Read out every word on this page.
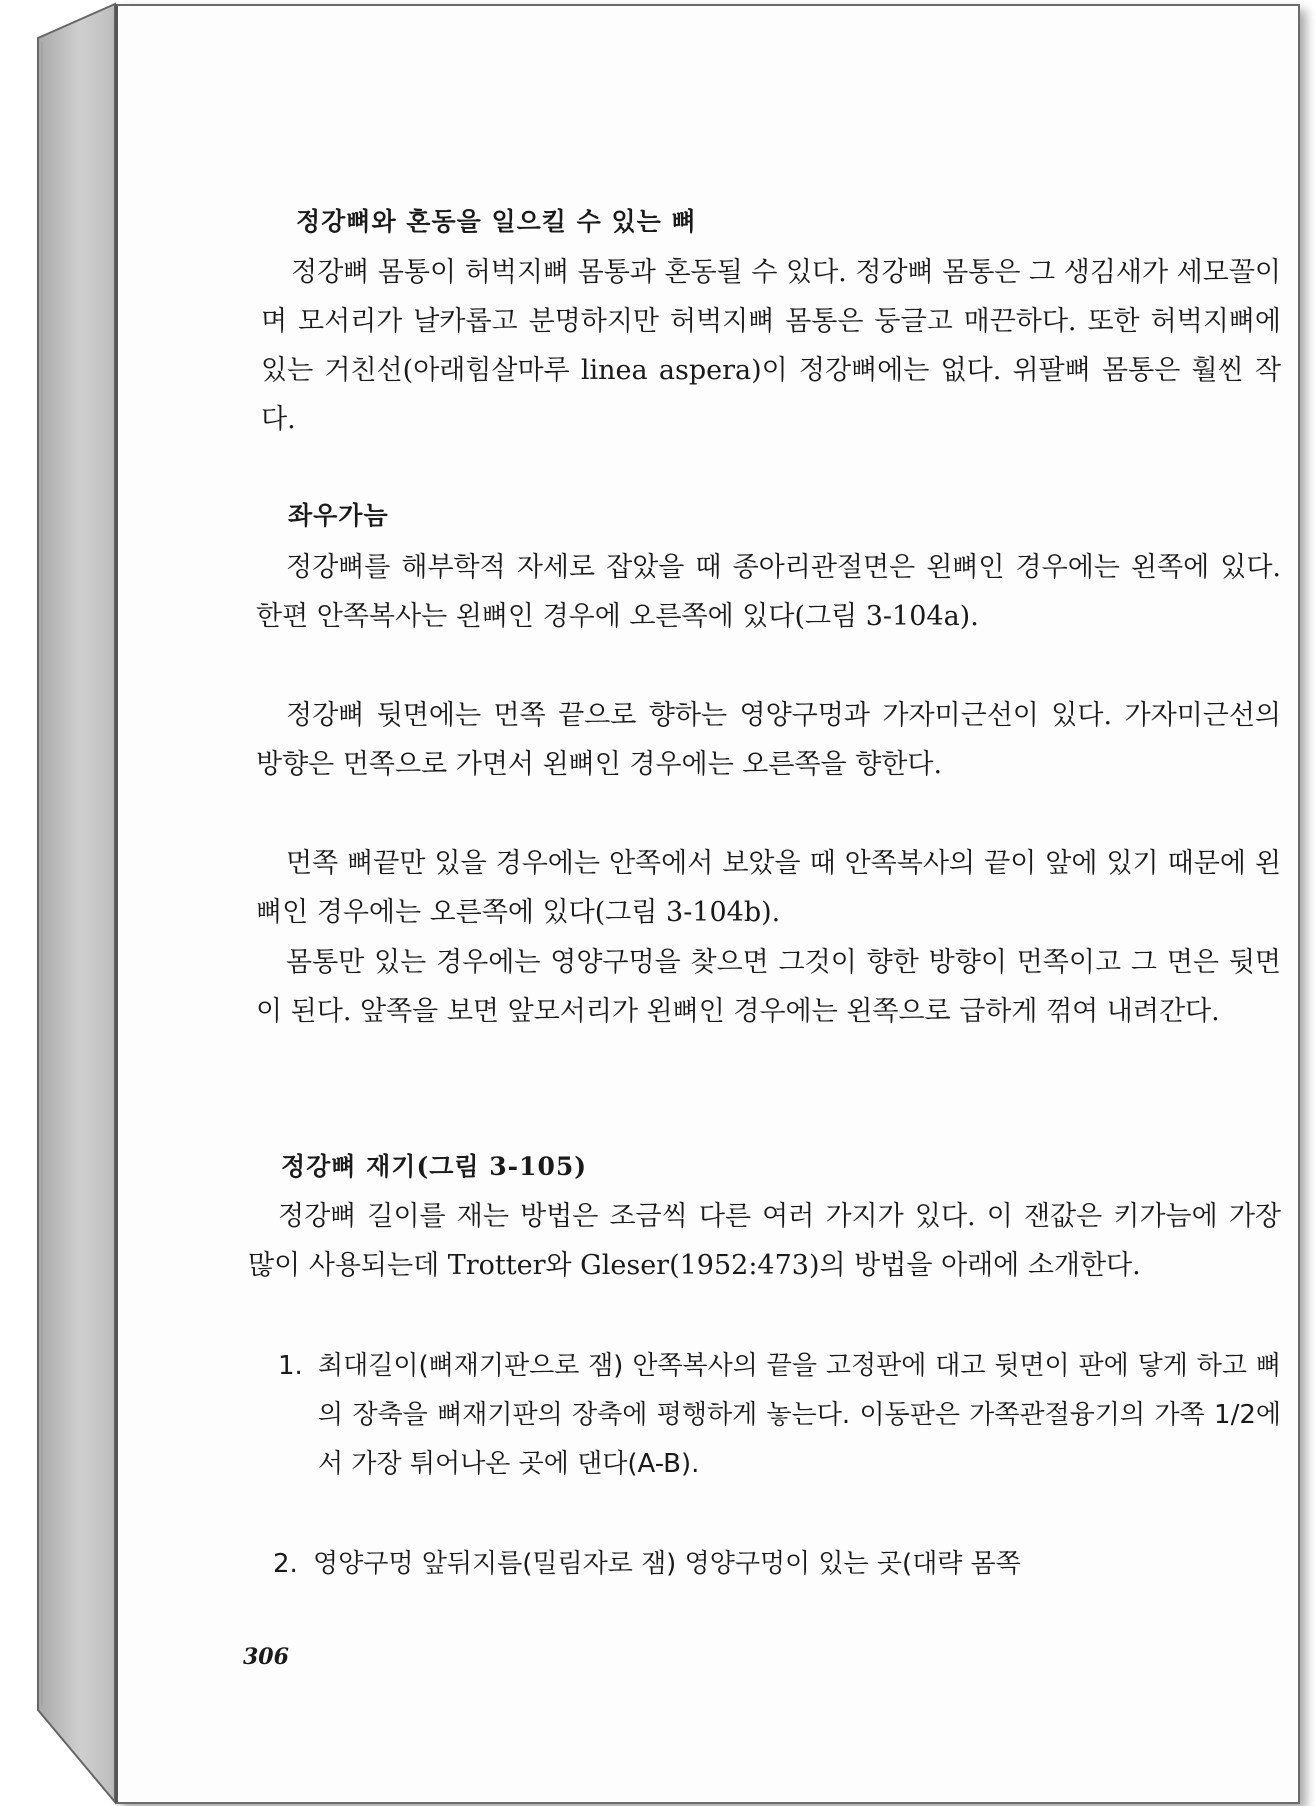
정강뼈와 혼동을 일으킬 수 있는 뼈

정강뼈 몸통이 허벅지뼈 몸통과 혼동될 수 있다. 정강뼈 몸통은 그 생김새가 세모꼴이며 모서리가 날카롭고 분명하지만 허벅지뼈 몸통은 둥글고 매끈하다. 또한 허벅지뼈에 있는 거친선(아래힘살마루 linea aspera)이 정강뼈에는 없다. 위팔뼈 몸통은 훨씬 작다.

좌우가늠

정강뼈를 해부학적 자세로 잡았을 때 종아리관절면은 왼뼈인 경우에는 왼쪽에 있다. 한편 안쪽복사는 왼뼈인 경우에 오른쪽에 있다(그림 3-104a).

정강뼈 뒷면에는 먼쪽 끝으로 향하는 영양구멍과 가자미근선이 있다. 가자미근선의 방향은 먼쪽으로 가면서 왼뼈인 경우에는 오른쪽을 향한다.

먼쪽 뼈끝만 있을 경우에는 안쪽에서 보았을 때 안쪽복사의 끝이 앞에 있기 때문에 왼뼈인 경우에는 오른쪽에 있다(그림 3-104b).

몸통만 있는 경우에는 영양구멍을 찾으면 그것이 향한 방향이 먼쪽이고 그 면은 뒷면이 된다. 앞쪽을 보면 앞모서리가 왼뼈인 경우에는 왼쪽으로 급하게 꺾여 내려간다.

정강뼈 재기(그림 3-105)

정강뼈 길이를 재는 방법은 조금씩 다른 여러 가지가 있다. 이 잰값은 키가늠에 가장 많이 사용되는데 Trotter와 Gleser(1952:473)의 방법을 아래에 소개한다.

1. 최대길이(뼈재기판으로 잼) 안쪽복사의 끝을 고정판에 대고 뒷면이 판에 닿게 하고 뼈의 장축을 뼈재기판의 장축에 평행하게 놓는다. 이동판은 가쪽관절융기의 가쪽 1/2에서 가장 튀어나온 곳에 댄다(A-B).
2. 영양구멍 앞뒤지름(밀림자로 잼) 영양구멍이 있는 곳(대략 몸쪽

306
